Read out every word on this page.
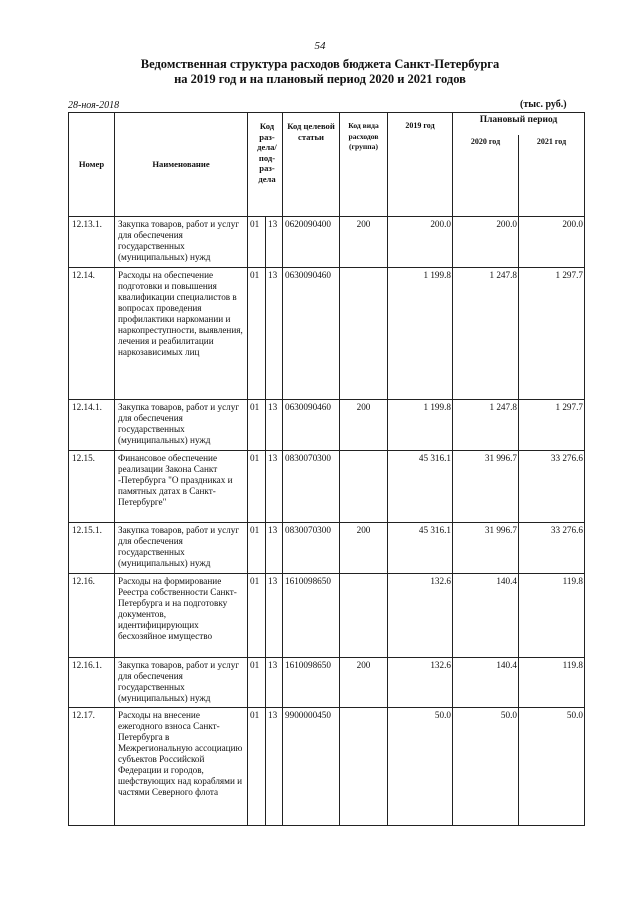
54
Ведомственная структура расходов бюджета Санкт-Петербурга
на 2019 год и на плановый период 2020 и 2021 годов
28-ноя-2018	(тыс. руб.)
Номер	Наименование	Код раз- дела/ под- раз- дела		Код целевой статьи	Код вида расходов (группа)	2019 год	Плановый период	
							2020 год	2021 год
12.13.1.	Закупка товаров, работ и услуг для обеспечения государственных (муниципальных) нужд	01	13	0620090400	200	200.0	200.0	200.0
12.14.	Расходы на обеспечение подготовки и повышения квалификации специалистов в вопросах проведения профилактики наркомании и наркопреступности, выявления, лечения и реабилитации наркозависимых лиц	01	13	0630090460		1 199.8	1 247.8	1 297.7
12.14.1.	Закупка товаров, работ и услуг для обеспечения государственных (муниципальных) нужд	01	13	0630090460	200	1 199.8	1 247.8	1 297.7
12.15.	Финансовое обеспечение реализации Закона Санкт -Петербурга "О праздниках и памятных датах в Санкт-Петербурге"	01	13	0830070300		45 316.1	31 996.7	33 276.6
12.15.1.	Закупка товаров, работ и услуг для обеспечения государственных (муниципальных) нужд	01	13	0830070300	200	45 316.1	31 996.7	33 276.6
12.16.	Расходы на формирование Реестра собственности Санкт-Петербурга и на подготовку документов, идентифицирующих бесхозяйное имущество	01	13	1610098650		132.6	140.4	119.8
12.16.1.	Закупка товаров, работ и услуг для обеспечения государственных (муниципальных) нужд	01	13	1610098650	200	132.6	140.4	119.8
12.17.	Расходы на внесение ежегодного взноса Санкт-Петербурга в Межрегиональную ассоциацию субъектов Российской Федерации и городов, шефствующих над кораблями и частями Северного флота	01	13	9900000450		50.0	50.0	50.0
